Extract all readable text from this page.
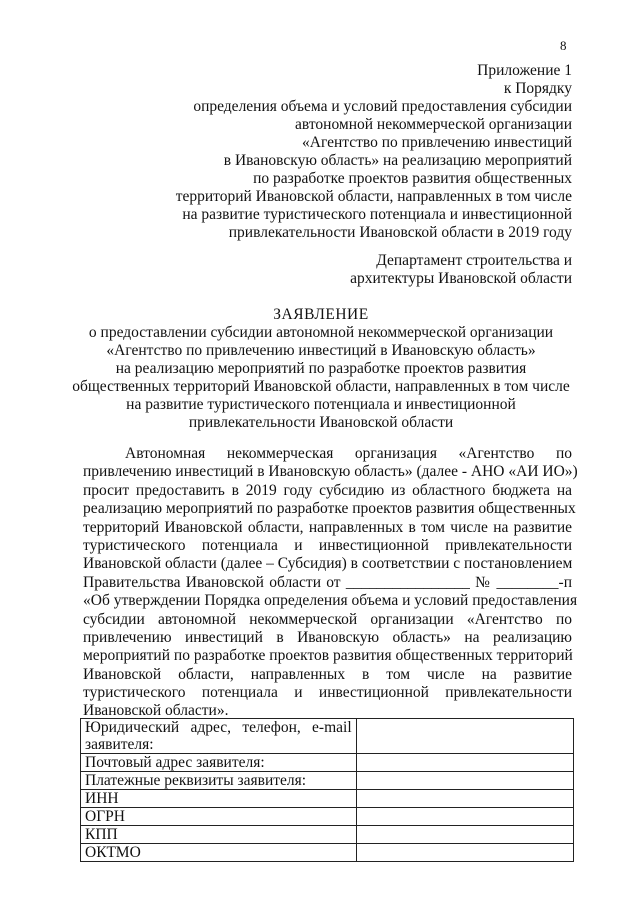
8
Приложение 1
к Порядку
определения объема и условий предоставления субсидии
автономной некоммерческой организации
«Агентство по привлечению инвестиций
в Ивановскую область» на реализацию мероприятий
по разработке проектов развития общественных
территорий Ивановской области, направленных в том числе
на развитие туристического потенциала и инвестиционной
привлекательности Ивановской области в 2019 году
Департамент строительства и
архитектуры Ивановской области
ЗАЯВЛЕНИЕ
о предоставлении субсидии автономной некоммерческой организации
«Агентство по привлечению инвестиций в Ивановскую область»
на реализацию мероприятий по разработке проектов развития
общественных территорий Ивановской области, направленных в том числе
на развитие туристического потенциала и инвестиционной
привлекательности Ивановской области
Автономная некоммерческая организация «Агентство по
привлечению инвестиций в Ивановскую область» (далее - АНО «АИ ИО»)
просит предоставить в 2019 году субсидию из областного бюджета на
реализацию мероприятий по разработке проектов развития общественных
территорий Ивановской области, направленных в том числе на развитие
туристического потенциала и инвестиционной привлекательности
Ивановской области (далее – Субсидия) в соответствии с постановлением
Правительства Ивановской области от ________________ № ________-п
«Об утверждении Порядка определения объема и условий предоставления
субсидии автономной некоммерческой организации «Агентство по
привлечению инвестиций в Ивановскую область» на реализацию
мероприятий по разработке проектов развития общественных территорий
Ивановской области, направленных в том числе на развитие
туристического потенциала и инвестиционной привлекательности
Ивановской области».
Юридический адрес, телефон, e-mail заявителя:	
Почтовый адрес заявителя:	
Платежные реквизиты заявителя:	
ИНН	
ОГРН	
КПП	
ОКТМО	
